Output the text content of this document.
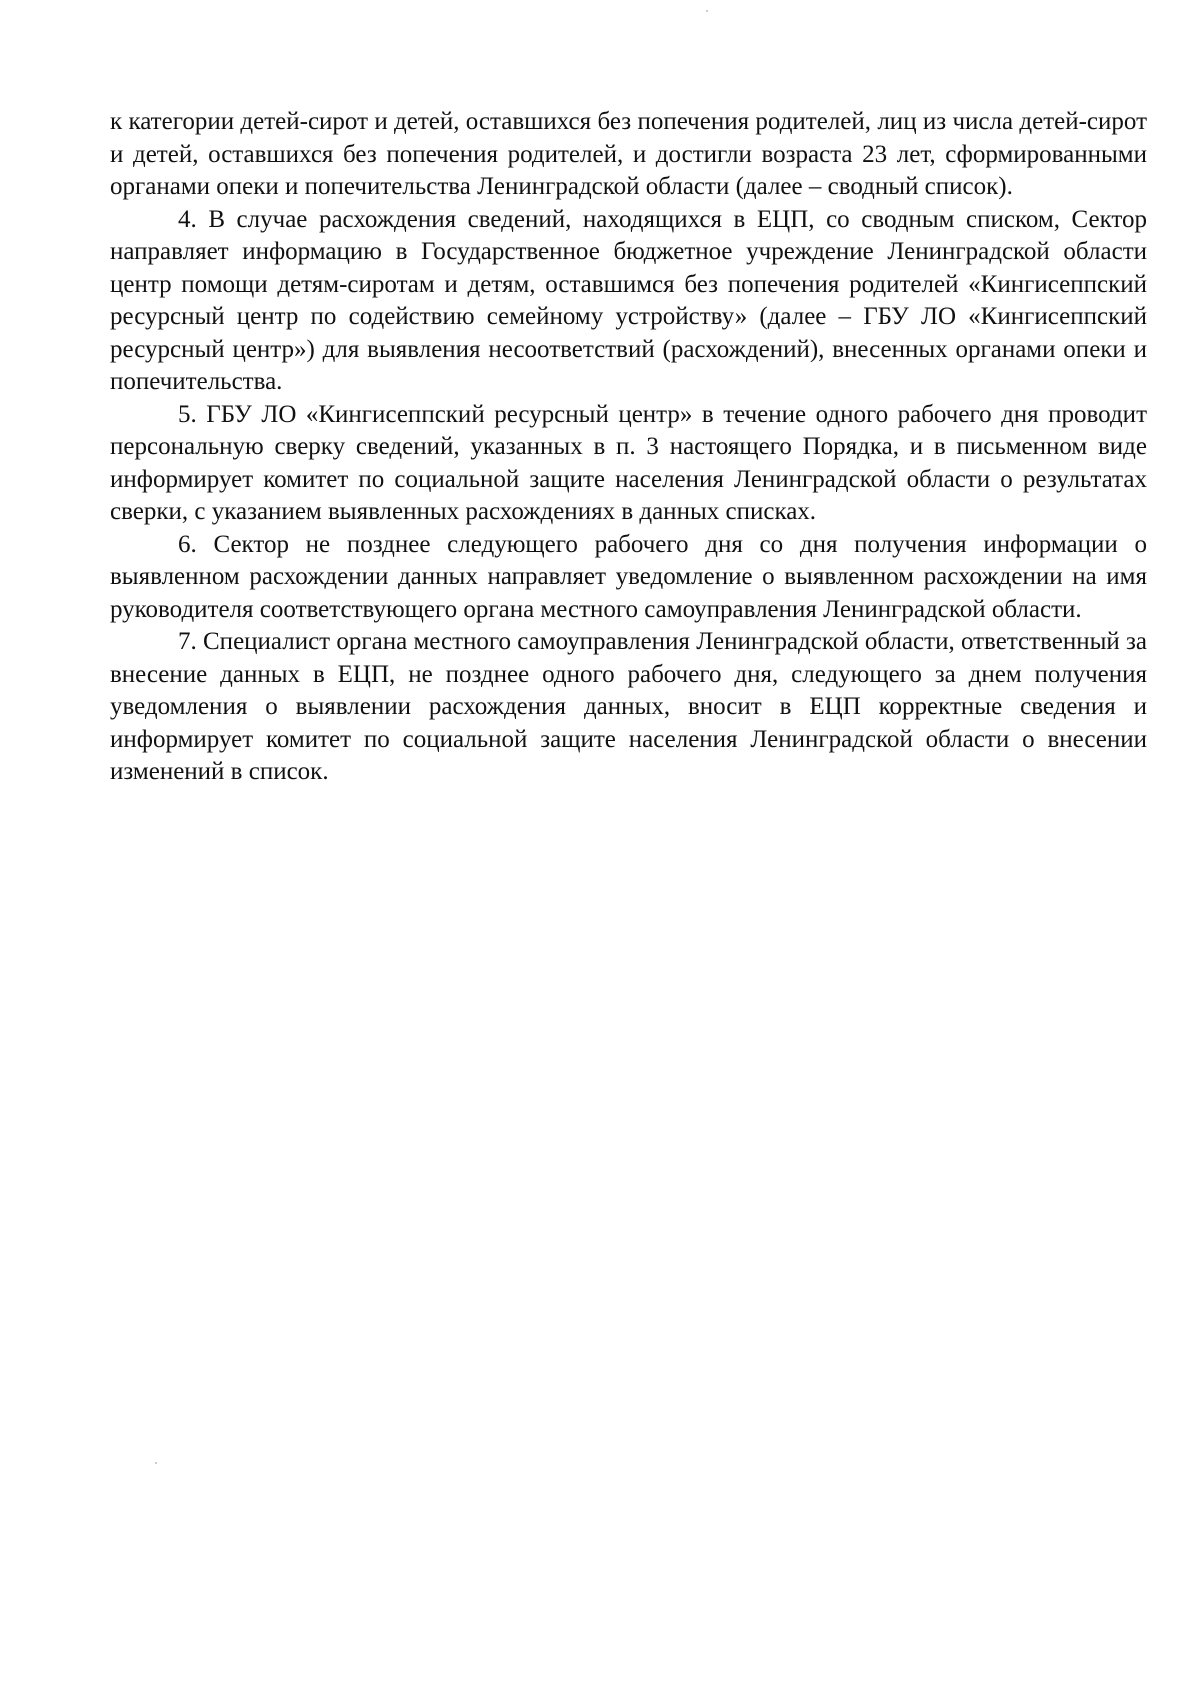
к категории детей-сирот и детей, оставшихся без попечения родителей, лиц из числа детей-сирот и детей, оставшихся без попечения родителей, и достигли возраста 23 лет, сформированными органами опеки и попечительства Ленинградской области (далее – сводный список).

4. В случае расхождения сведений, находящихся в ЕЦП, со сводным списком, Сектор направляет информацию в Государственное бюджетное учреждение Ленинградской области центр помощи детям-сиротам и детям, оставшимся без попечения родителей «Кингисеппский ресурсный центр по содействию семейному устройству» (далее – ГБУ ЛО «Кингисеппский ресурсный центр») для выявления несоответствий (расхождений), внесенных органами опеки и попечительства.

5. ГБУ ЛО «Кингисеппский ресурсный центр» в течение одного рабочего дня проводит персональную сверку сведений, указанных в п. 3 настоящего Порядка, и в письменном виде информирует комитет по социальной защите населения Ленинградской области о результатах сверки, с указанием выявленных расхождениях в данных списках.

6. Сектор не позднее следующего рабочего дня со дня получения информации о выявленном расхождении данных направляет уведомление о выявленном расхождении на имя руководителя соответствующего органа местного самоуправления Ленинградской области.

7. Специалист органа местного самоуправления Ленинградской области, ответственный за внесение данных в ЕЦП, не позднее одного рабочего дня, следующего за днем получения уведомления о выявлении расхождения данных, вносит в ЕЦП корректные сведения и информирует комитет по социальной защите населения Ленинградской области о внесении изменений в список.
